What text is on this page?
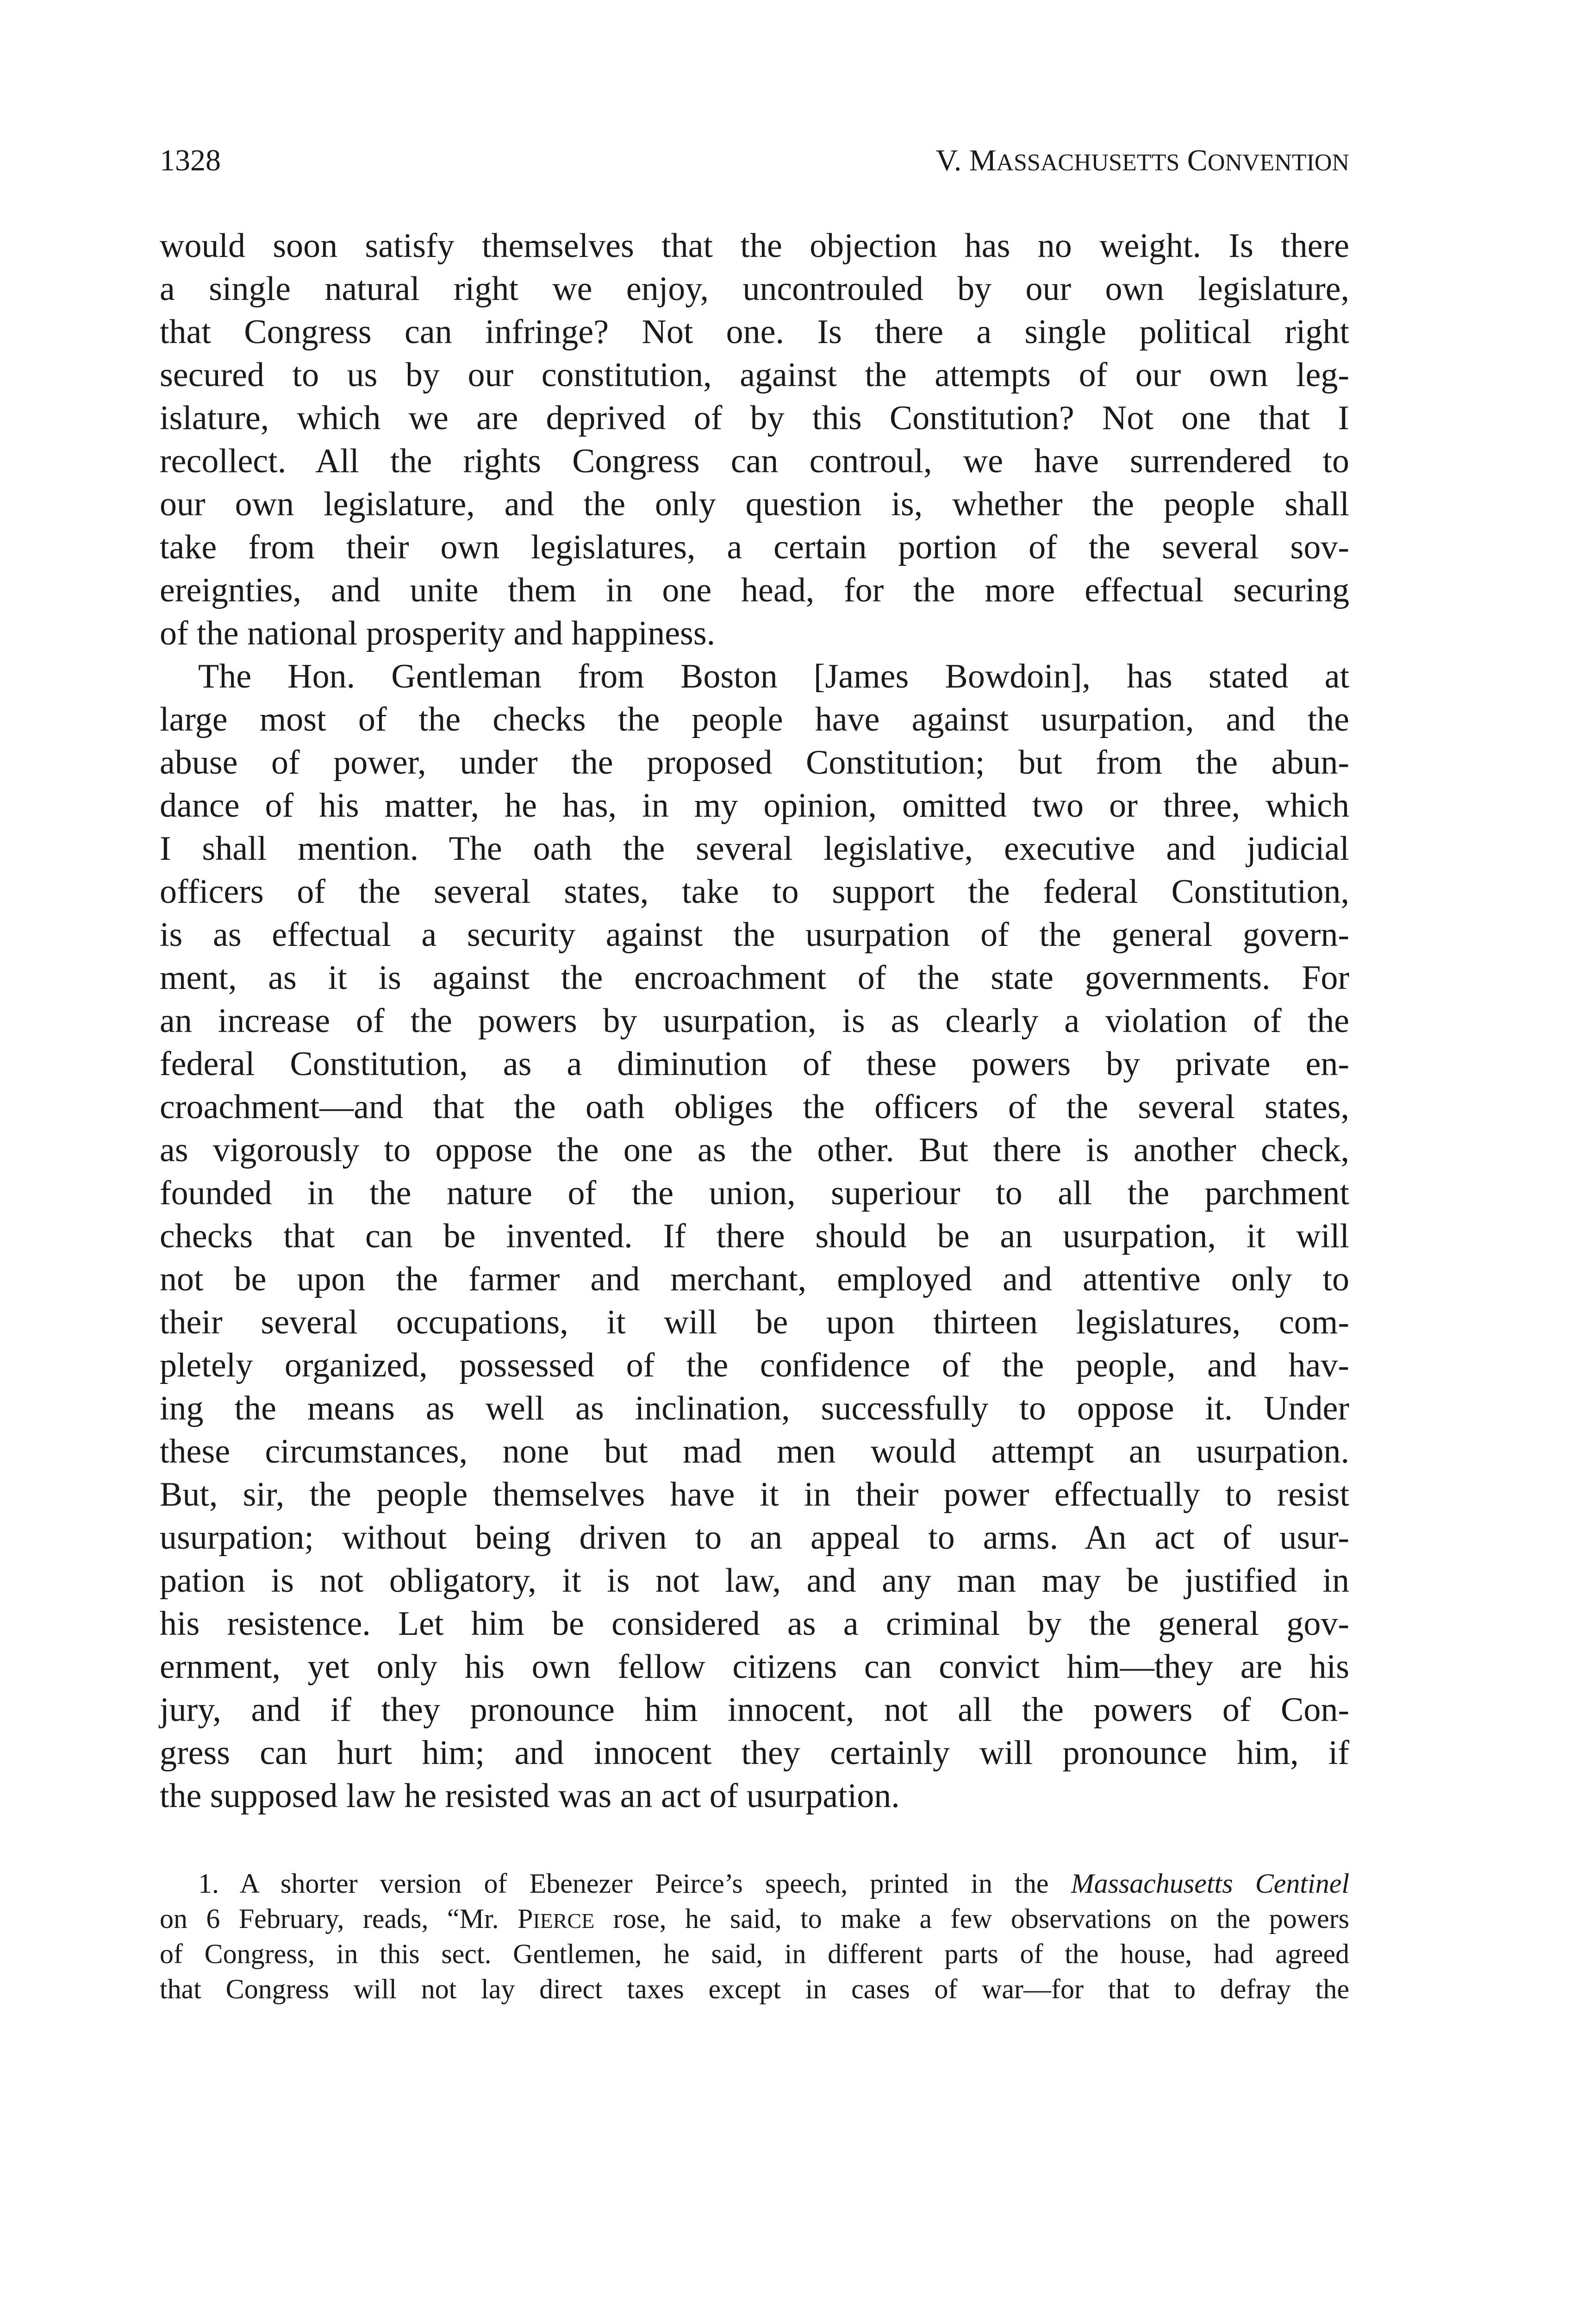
1328	V. MASSACHUSETTS CONVENTION
would soon satisfy themselves that the objection has no weight. Is there
a single natural right we enjoy, uncontrouled by our own legislature,
that Congress can infringe? Not one. Is there a single political right
secured to us by our constitution, against the attempts of our own leg-
islature, which we are deprived of by this Constitution? Not one that I
recollect. All the rights Congress can controul, we have surrendered to
our own legislature, and the only question is, whether the people shall
take from their own legislatures, a certain portion of the several sov-
ereignties, and unite them in one head, for the more effectual securing
of the national prosperity and happiness.
The Hon. Gentleman from Boston [James Bowdoin], has stated at
large most of the checks the people have against usurpation, and the
abuse of power, under the proposed Constitution; but from the abun-
dance of his matter, he has, in my opinion, omitted two or three, which
I shall mention. The oath the several legislative, executive and judicial
officers of the several states, take to support the federal Constitution,
is as effectual a security against the usurpation of the general govern-
ment, as it is against the encroachment of the state governments. For
an increase of the powers by usurpation, is as clearly a violation of the
federal Constitution, as a diminution of these powers by private en-
croachment—and that the oath obliges the officers of the several states,
as vigorously to oppose the one as the other. But there is another check,
founded in the nature of the union, superiour to all the parchment
checks that can be invented. If there should be an usurpation, it will
not be upon the farmer and merchant, employed and attentive only to
their several occupations, it will be upon thirteen legislatures, com-
pletely organized, possessed of the confidence of the people, and hav-
ing the means as well as inclination, successfully to oppose it. Under
these circumstances, none but mad men would attempt an usurpation.
But, sir, the people themselves have it in their power effectually to resist
usurpation; without being driven to an appeal to arms. An act of usur-
pation is not obligatory, it is not law, and any man may be justified in
his resistence. Let him be considered as a criminal by the general gov-
ernment, yet only his own fellow citizens can convict him—they are his
jury, and if they pronounce him innocent, not all the powers of Con-
gress can hurt him; and innocent they certainly will pronounce him, if
the supposed law he resisted was an act of usurpation.
1. A shorter version of Ebenezer Peirce’s speech, printed in the Massachusetts Centinel
on 6 February, reads, “Mr. PIERCE rose, he said, to make a few observations on the powers
of Congress, in this sect. Gentlemen, he said, in different parts of the house, had agreed
that Congress will not lay direct taxes except in cases of war—for that to defray the
